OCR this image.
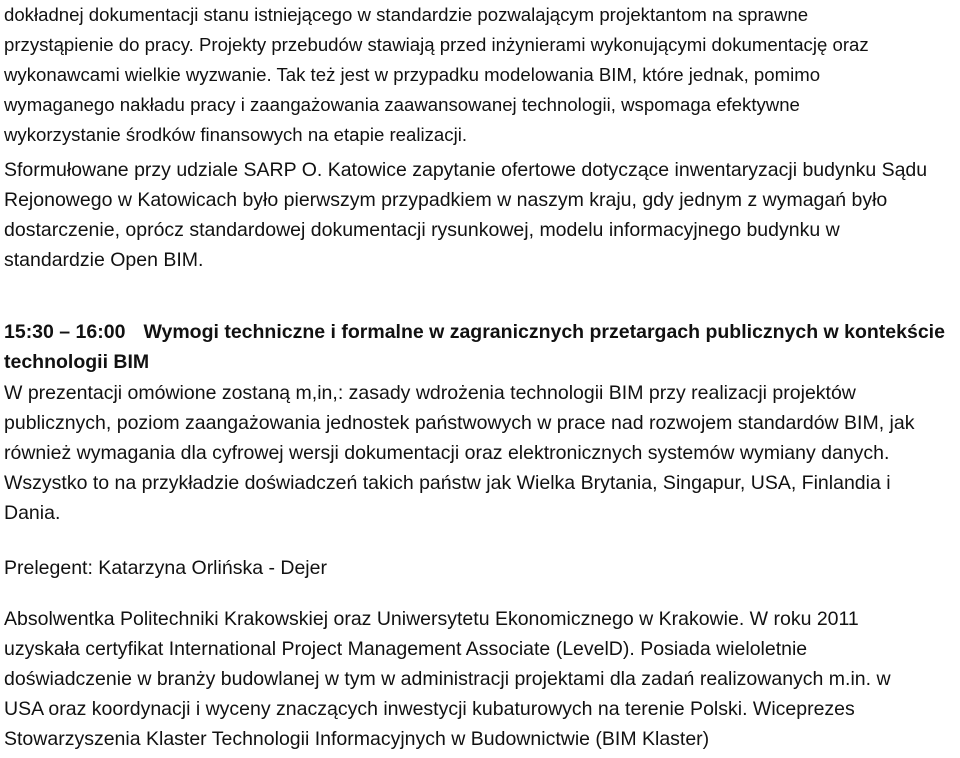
dokładnej dokumentacji stanu istniejącego w standardzie pozwalającym projektantom na sprawne
przystąpienie do pracy. Projekty przebudów stawiają przed inżynierami wykonującymi dokumentację oraz
wykonawcami wielkie wyzwanie. Tak też jest w przypadku modelowania BIM, które jednak, pomimo
wymaganego nakładu pracy i zaangażowania zaawansowanej technologii, wspomaga efektywne
wykorzystanie środków finansowych na etapie realizacji.
Sformułowane przy udziale SARP O. Katowice zapytanie ofertowe dotyczące inwentaryzacji budynku Sądu
Rejonowego w Katowicach było pierwszym przypadkiem w naszym kraju, gdy jednym z wymagań było
dostarczenie, oprócz standardowej dokumentacji rysunkowej, modelu informacyjnego budynku w
standardzie Open BIM.
15:30 – 16:00 Wymogi techniczne i formalne w zagranicznych przetargach publicznych w kontekście
technologii BIM
W prezentacji omówione zostaną m,in,: zasady wdrożenia technologii BIM przy realizacji projektów
publicznych, poziom zaangażowania jednostek państwowych w prace nad rozwojem standardów BIM, jak
również wymagania dla cyfrowej wersji dokumentacji oraz elektronicznych systemów wymiany danych.
Wszystko to na przykładzie doświadczeń takich państw jak Wielka Brytania, Singapur, USA, Finlandia i
Dania.
Prelegent: Katarzyna Orlińska - Dejer
Absolwentka Politechniki Krakowskiej oraz Uniwersytetu Ekonomicznego w Krakowie. W roku 2011
uzyskała certyfikat International Project Management Associate (LevelD). Posiada wieloletnie
doświadczenie w branży budowlanej w tym w administracji projektami dla zadań realizowanych m.in. w
USA oraz koordynacji i wyceny znaczących inwestycji kubaturowych na terenie Polski. Wiceprezes
Stowarzyszenia Klaster Technologii Informacyjnych w Budownictwie (BIM Klaster)
